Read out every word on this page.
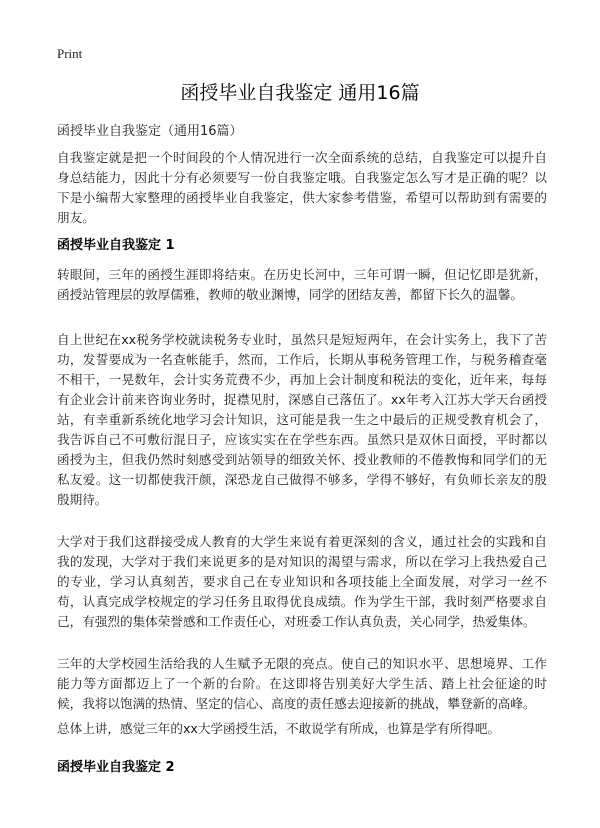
Print
函授毕业自我鉴定 通用16篇
函授毕业自我鉴定（通用16篇）

自我鉴定就是把一个时间段的个人情况进行一次全面系统的总结，自我鉴定可以提升自身总结能力，因此十分有必须要写一份自我鉴定哦。自我鉴定怎么写才是正确的呢？以下是小编帮大家整理的函授毕业自我鉴定，供大家参考借鉴，希望可以帮助到有需要的朋友。

函授毕业自我鉴定 1

转眼间，三年的函授生涯即将结束。在历史长河中，三年可谓一瞬，但记忆即是犹新，函授站管理层的敦厚儒雅，教师的敬业渊博，同学的团结友善，都留下长久的温馨。

自上世纪在xx税务学校就读税务专业时，虽然只是短短两年，在会计实务上，我下了苦功，发誓要成为一名查帐能手，然而，工作后，长期从事税务管理工作，与税务稽查毫不相干，一晃数年，会计实务荒费不少，再加上会计制度和税法的变化，近年来，每每有企业会计前来咨询业务时，捉襟见肘，深感自己落伍了。xx年考入江苏大学天台函授站，有幸重新系统化地学习会计知识，这可能是我一生之中最后的正规受教育机会了，我告诉自己不可敷衍混日子，应该实实在在学些东西。虽然只是双休日面授，平时都以函授为主，但我仍然时刻感受到站领导的细致关怀、授业教师的不倦教悔和同学们的无私友爱。这一切都使我汗颜，深恐龙自己做得不够多，学得不够好，有负师长亲友的殷殷期待。

大学对于我们这群接受成人教育的大学生来说有着更深刻的含义，通过社会的实践和自我的发现，大学对于我们来说更多的是对知识的渴望与需求，所以在学习上我热爱自己的专业，学习认真刻苦，要求自己在专业知识和各项技能上全面发展，对学习一丝不苟，认真完成学校规定的学习任务且取得优良成绩。作为学生干部，我时刻严格要求自己，有强烈的集体荣誉感和工作责任心，对班委工作认真负责，关心同学，热爱集体。

三年的大学校园生活给我的人生赋予无限的亮点。使自己的知识水平、思想境界、工作能力等方面都迈上了一个新的台阶。在这即将告别美好大学生活、踏上社会征途的时候，我将以饱满的热情、坚定的信心、高度的责任感去迎接新的挑战，攀登新的高峰。

总体上讲，感觉三年的xx大学函授生活，不敢说学有所成，也算是学有所得吧。

函授毕业自我鉴定 2
